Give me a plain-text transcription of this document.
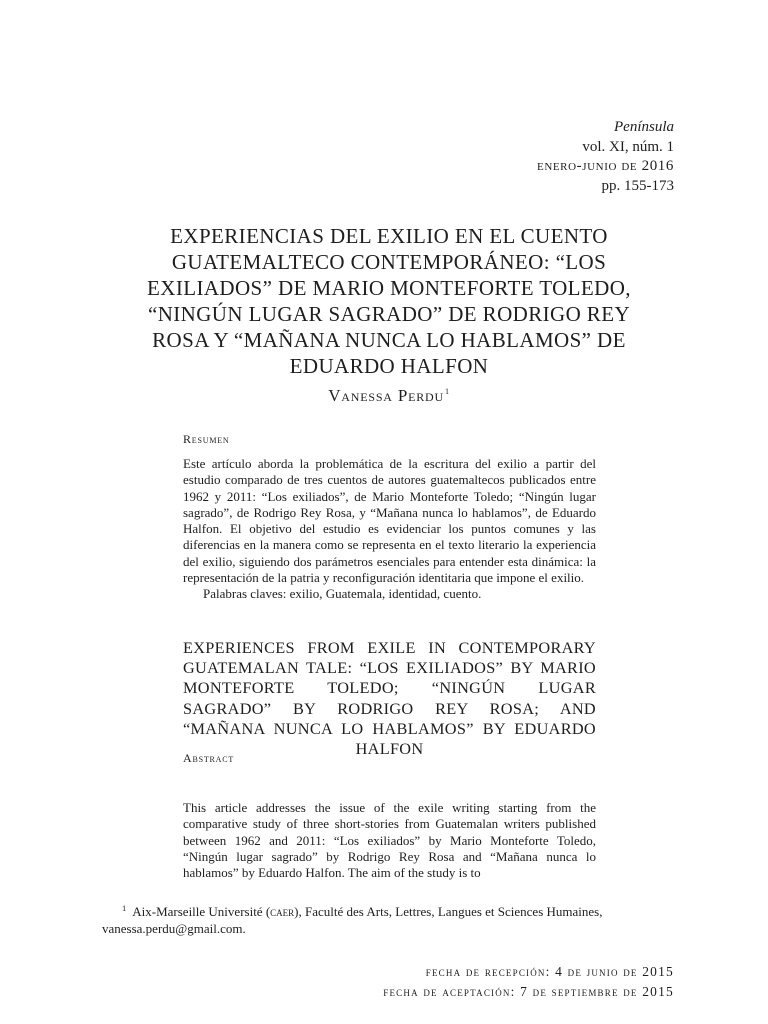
Península
vol. XI, núm. 1
enero-junio de 2016
pp. 155-173
EXPERIENCIAS DEL EXILIO EN EL CUENTO GUATEMALTECO CONTEMPORÁNEO: “LOS EXILIADOS” DE MARIO MONTEFORTE TOLEDO, “NINGÚN LUGAR SAGRADO” DE RODRIGO REY ROSA Y “MAÑANA NUNCA LO HABLAMOS” DE EDUARDO HALFON
Vanessa Perdu$^1$
Resumen

Este artículo aborda la problemática de la escritura del exilio a partir del estudio comparado de tres cuentos de autores guatemaltecos publicados entre 1962 y 2011: “Los exiliados”, de Mario Monteforte Toledo; “Ningún lugar sagrado”, de Rodrigo Rey Rosa, y “Mañana nunca lo hablamos”, de Eduardo Halfon. El objetivo del estudio es evidenciar los puntos comunes y las diferencias en la manera como se representa en el texto literario la experiencia del exilio, siguiendo dos parámetros esenciales para entender esta dinámica: la representación de la patria y reconfiguración identitaria que impone el exilio.

Palabras claves: exilio, Guatemala, identidad, cuento.

EXPERIENCES FROM EXILE IN CONTEMPORARY GUATEMALAN TALE: “LOS EXILIADOS” BY MARIO MONTEFORTE TOLEDO; “NINGÚN LUGAR SAGRADO” BY RODRIGO REY ROSA; AND “MAÑANA NUNCA LO HABLAMOS” BY EDUARDO HALFON
Abstract

This article addresses the issue of the exile writing starting from the comparative study of three short-stories from Guatemalan writers published between 1962 and 2011: “Los exiliados” by Mario Monteforte Toledo, “Ningún lugar sagrado” by Rodrigo Rey Rosa and “Mañana nunca lo hablamos” by Eduardo Halfon. The aim of the study is to

$^1$ Aix-Marseille Université (caer), Faculté des Arts, Lettres, Langues et Sciences Humaines, vanessa.perdu@gmail.com.
fecha de recepción: 4 de junio de 2015
fecha de aceptación: 7 de septiembre de 2015
